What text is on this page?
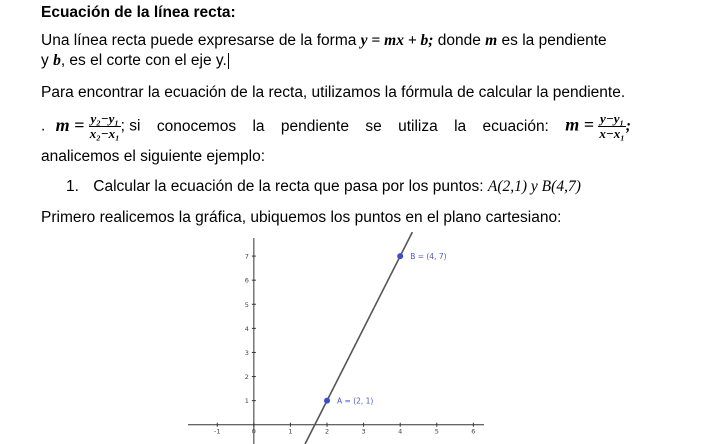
Ecuación de la línea recta:
Una línea recta puede expresarse de la forma y = mx + b; donde m es la pendiente
y b, es el corte con el eje y.
Para encontrar la ecuación de la recta, utilizamos la fórmula de calcular la pendiente.
. $m = \frac{\text{y₂−y₁}}{\text{x₂−x₁}}$ ; si conocemos la pendiente se utiliza la ecuación: $m = \frac{\text{y−y₁}}{\text{x−x₁}}$ ;
analicemos el siguiente ejemplo:
1. Calcular la ecuación de la recta que pasa por los puntos: A(2,1) y B(4,7)
Primero realicemos la gráfica, ubiquemos los puntos en el plano cartesiano:
-1	0	1	2	3	4	5	6
1
2
3
4
5
6
7
A = (2, 1)
B = (4, 7)
